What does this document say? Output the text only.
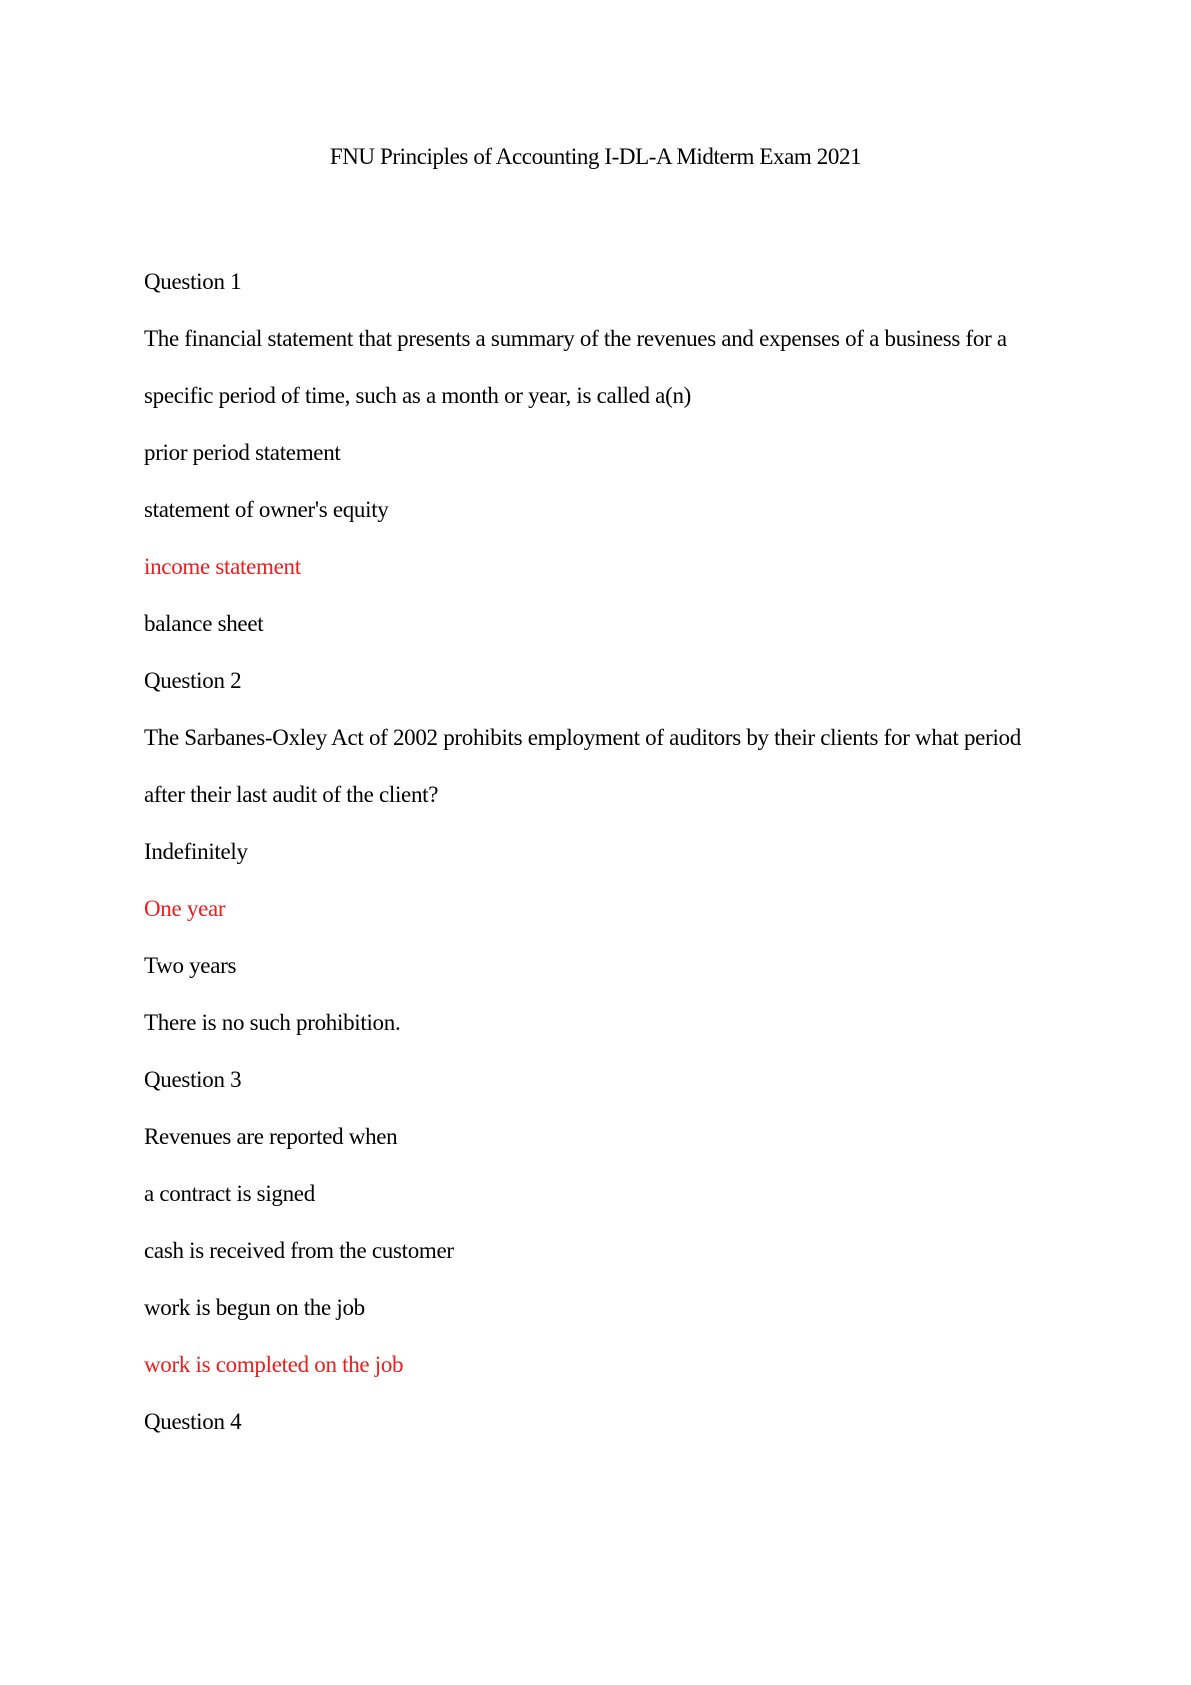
FNU Principles of Accounting I-DL-A Midterm Exam 2021
Question 1
The financial statement that presents a summary of the revenues and expenses of a business for a
specific period of time, such as a month or year, is called a(n)
prior period statement
statement of owner's equity
income statement
balance sheet
Question 2
The Sarbanes-Oxley Act of 2002 prohibits employment of auditors by their clients for what period
after their last audit of the client?
Indefinitely
One year
Two years
There is no such prohibition.
Question 3
Revenues are reported when
a contract is signed
cash is received from the customer
work is begun on the job
work is completed on the job
Question 4
